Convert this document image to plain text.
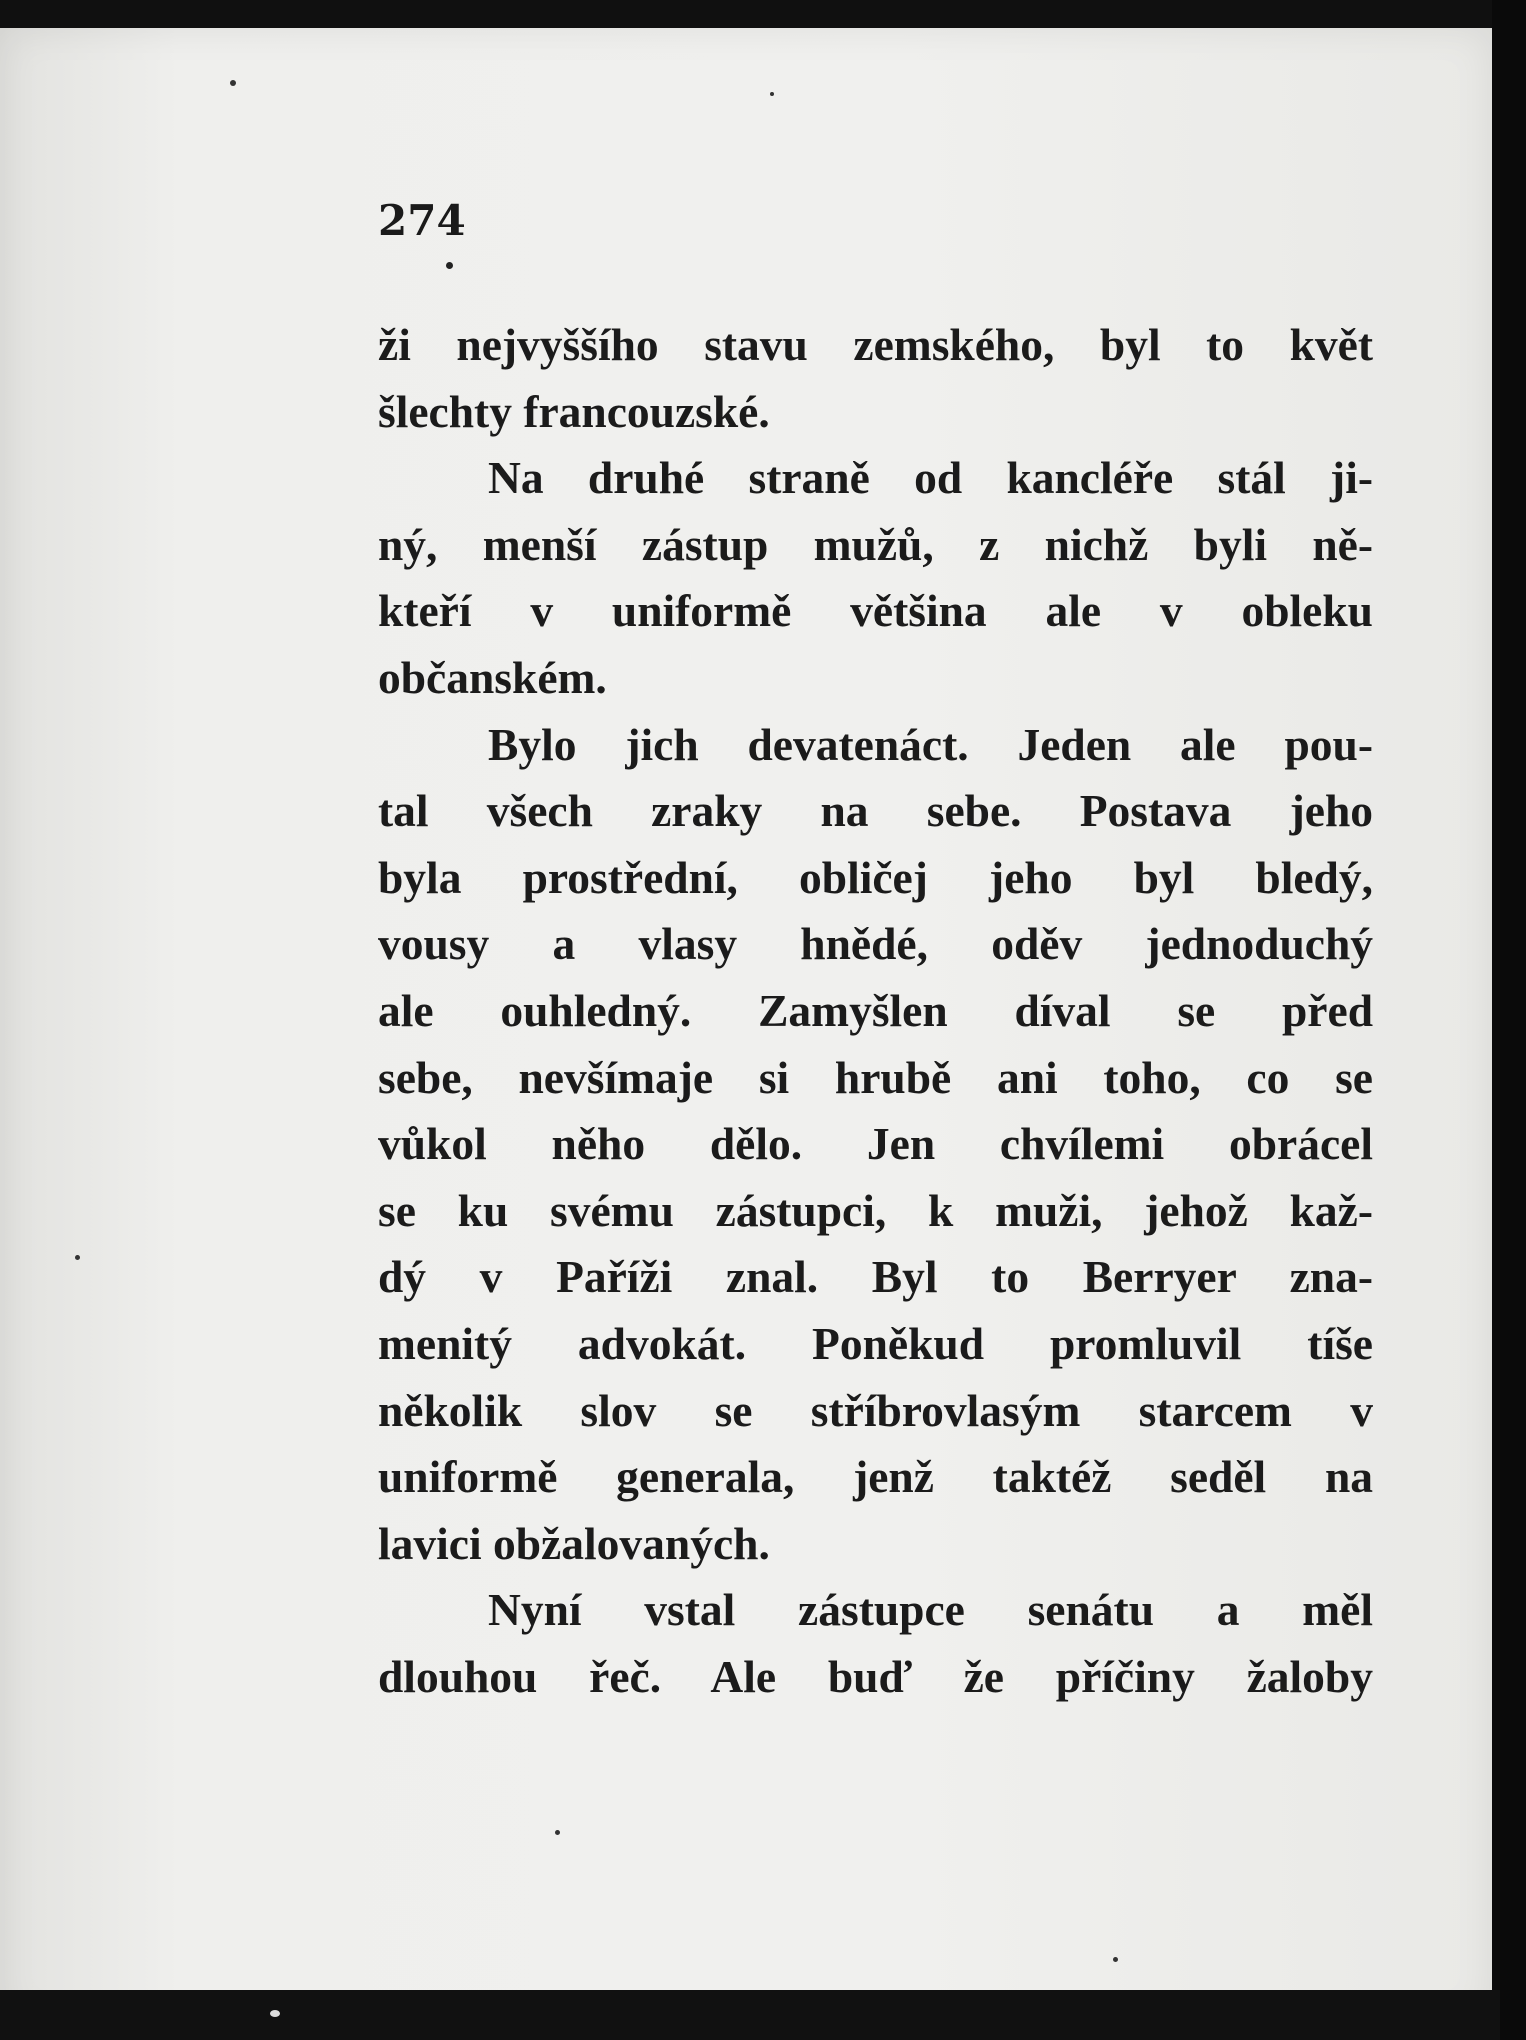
274
ži nejvyššího stavu zemského, byl to květ
šlechty francouzské.
Na druhé straně od kancléře stál ji-
ný, menší zástup mužů, z nichž byli ně-
kteří v uniformě většina ale v obleku
občanském.
Bylo jich devatenáct. Jeden ale pou-
tal všech zraky na sebe. Postava jeho
byla prostřední, obličej jeho byl bledý,
vousy a vlasy hnědé, oděv jednoduchý
ale ouhledný. Zamyšlen díval se před
sebe, nevšímaje si hrubě ani toho, co se
vůkol něho dělo. Jen chvílemi obrácel
se ku svému zástupci, k muži, jehož kaž-
dý v Paříži znal. Byl to Berryer zna-
menitý advokát. Poněkud promluvil tíše
několik slov se stříbrovlasým starcem v
uniformě generala, jenž taktéž seděl na
lavici obžalovaných.
Nyní vstal zástupce senátu a měl
dlouhou řeč. Ale buď že příčiny žaloby
